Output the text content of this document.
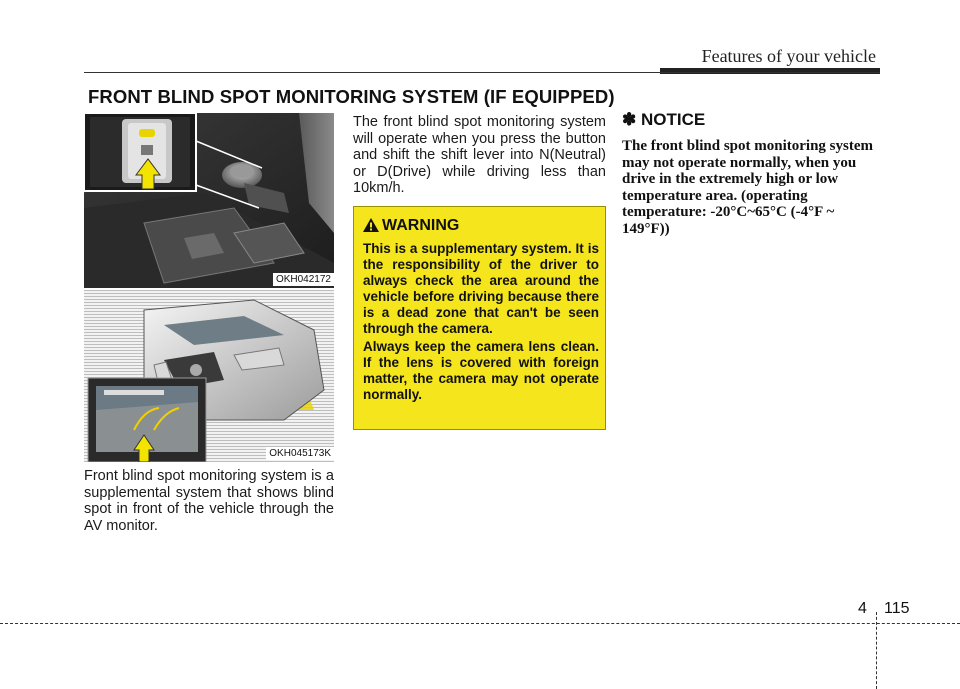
Features of your vehicle
FRONT BLIND SPOT MONITORING SYSTEM (IF EQUIPPED)
OKH042172
OKH045173K
Front blind spot monitoring system is a supplemental system that shows blind spot in front of the vehicle through the AV monitor.
The front blind spot monitoring system will operate when you press the button and shift the shift lever into N(Neutral) or D(Drive) while driving less than 10km/h.
WARNING
This is a supplementary system. It is the responsibility of the driver to always check the area around the vehicle before driving because there is a dead zone that can't be seen through the camera.
Always keep the camera lens clean. If the lens is covered with foreign matter, the camera may not operate normally.
✽ NOTICE
The front blind spot monitoring system may not operate normally, when you drive in the extremely high or low temperature area. (operating temperature: -20°C~65°C (-4°F ~ 149°F))
4 115
